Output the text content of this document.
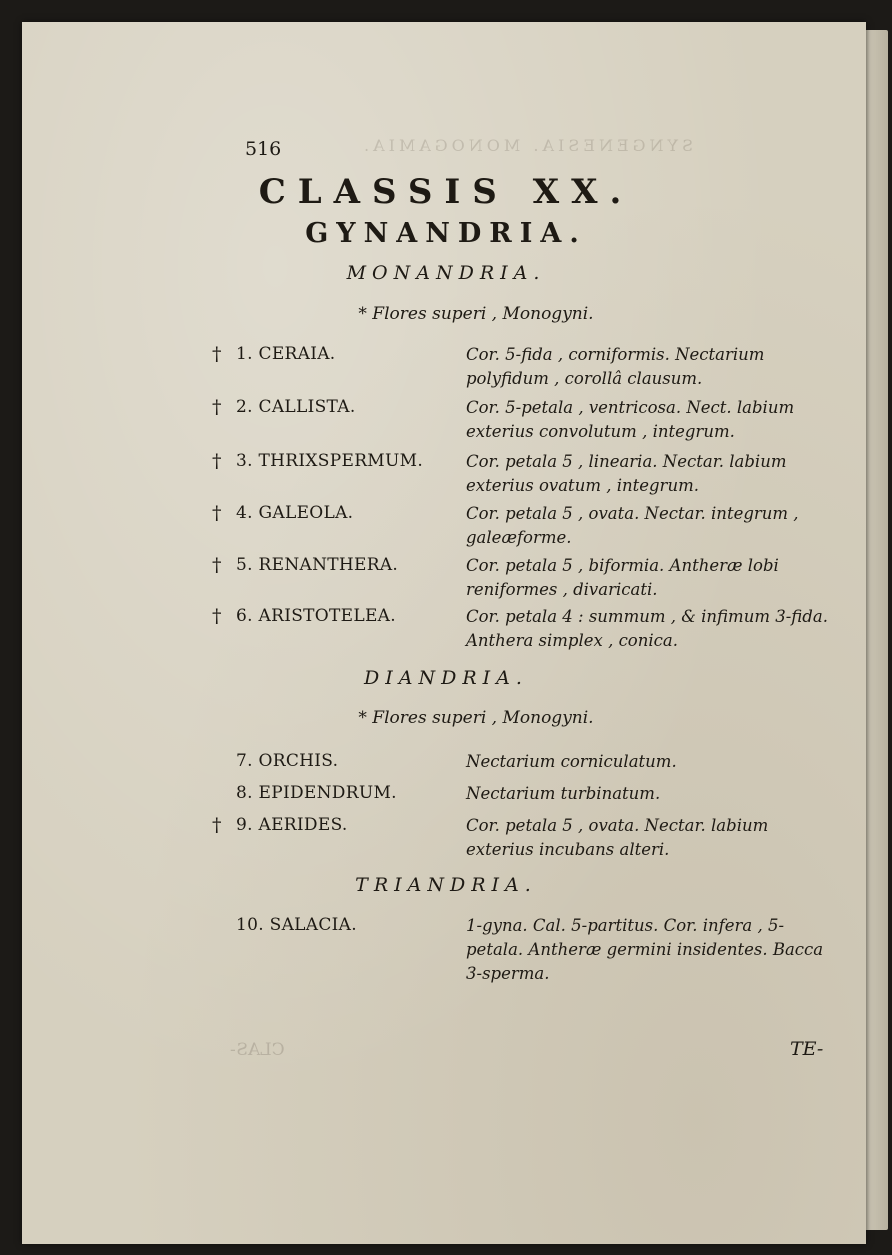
SYNGENESIA. MONOGAMIA.
516
CLASSIS XX.
GYNANDRIA.
MONANDRIA.
* Flores superi , Monogyni.
† 1. CERAIA.	Cor. 5-fida , corniformis. Nectarium polyfidum , corollâ clausum.
† 2. CALLISTA.	Cor. 5-petala , ventricosa. Nect. labium exterius convolutum , integrum.
† 3. THRIXSPERMUM.	Cor. petala 5 , linearia. Nectar. labium exterius ovatum , integrum.
† 4. GALEOLA.	Cor. petala 5 , ovata. Nectar. integrum , galeæforme.
† 5. RENANTHERA.	Cor. petala 5 , biformia. Antheræ lobi reniformes , divaricati.
† 6. ARISTOTELEA.	Cor. petala 4 : summum , & infimum 3-fida. Anthera simplex , conica.
DIANDRIA.
* Flores superi , Monogyni.
7. ORCHIS.	Nectarium corniculatum.
8. EPIDENDRUM.	Nectarium turbinatum.
† 9. AERIDES.	Cor. petala 5 , ovata. Nectar. labium exterius incubans alteri.
TRIANDRIA.
10. SALACIA.	1-gyna. Cal. 5-partitus. Cor. infera , 5-petala. Antheræ germini insidentes. Bacca 3-sperma.
CLAS-	TE-
